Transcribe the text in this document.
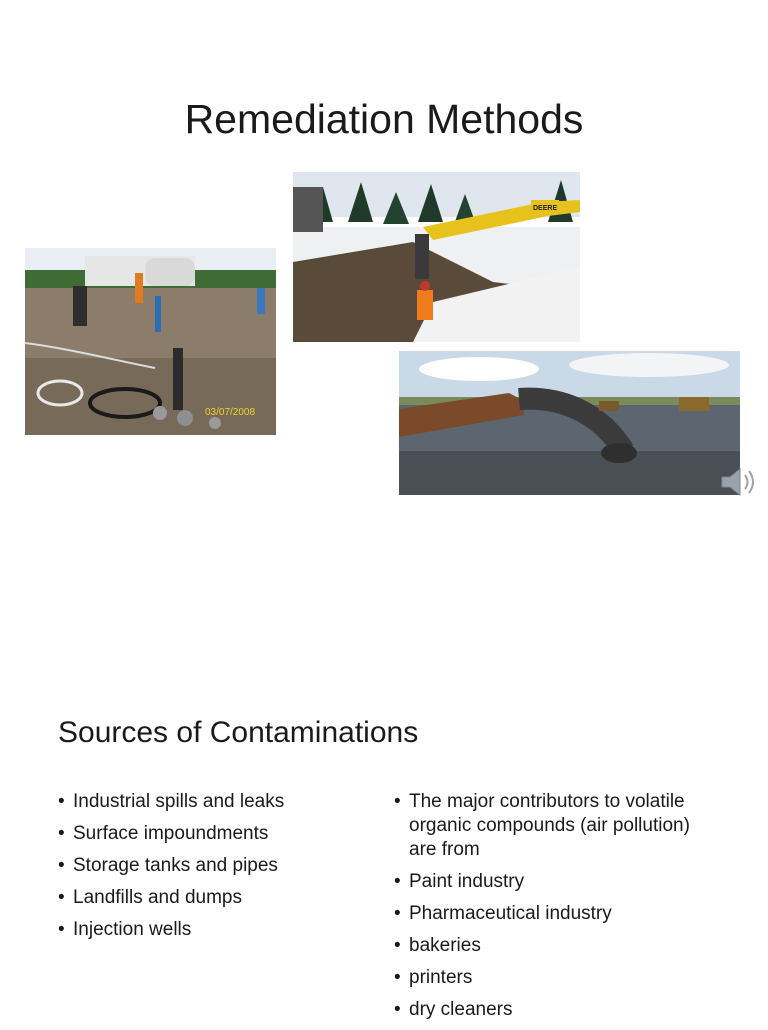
Remediation Methods
03/07/2008
DEERE
Sources of Contaminations
• Industrial spills and leaks
• Surface impoundments
• Storage tanks and pipes
• Landfills and dumps
• Injection wells
• The major contributors to volatile organic compounds (air pollution) are from
• Paint industry
• Pharmaceutical industry
• bakeries
• printers
• dry cleaners
